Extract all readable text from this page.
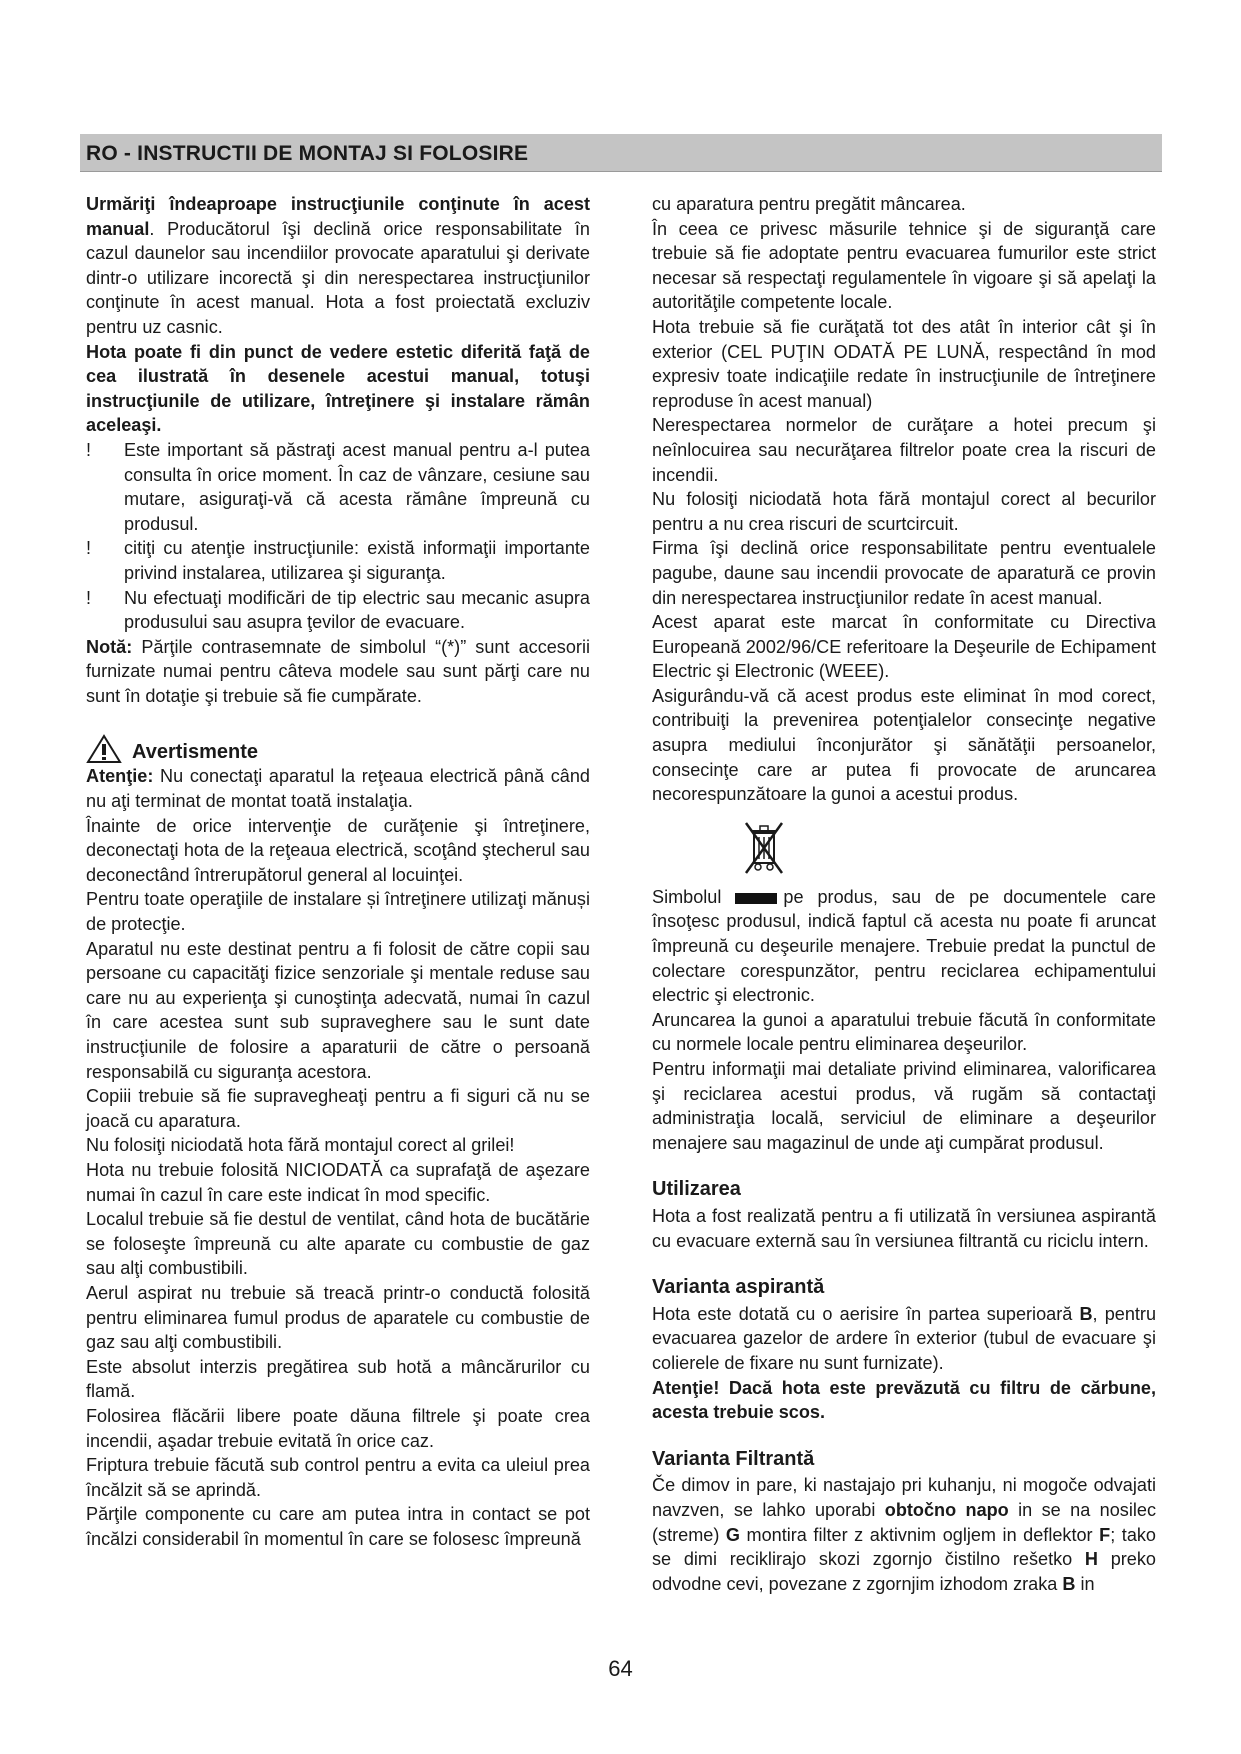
RO - INSTRUCTII DE MONTAJ SI FOLOSIRE

Urmăriţi îndeaproape instrucţiunile conţinute în acest manual. Producătorul îşi declină orice responsabilitate în cazul daunelor sau incendiilor provocate aparatului şi derivate dintr-o utilizare incorectă şi din nerespectarea instrucţiunilor conţinute în acest manual. Hota a fost proiectată excluziv pentru uz casnic.

Hota poate fi din punct de vedere estetic diferită faţă de cea ilustrată în desenele acestui manual, totuşi instrucţiunile de utilizare, întreţinere şi instalare rămân aceleaşi.

! Este important să păstraţi acest manual pentru a-l putea consulta în orice moment. În caz de vânzare, cesiune sau mutare, asiguraţi-vă că acesta rămâne împreună cu produsul.
! citiţi cu atenţie instrucţiunile: există informaţii importante privind instalarea, utilizarea şi siguranţa.
! Nu efectuaţi modificări de tip electric sau mecanic asupra produsului sau asupra ţevilor de evacuare.

Notă: Părţile contrasemnate de simbolul “(*)” sunt accesorii furnizate numai pentru câteva modele sau sunt părţi care nu sunt în dotaţie şi trebuie să fie cumpărate.

Avertismente

Atenţie: Nu conectaţi aparatul la reţeaua electrică până când nu aţi terminat de montat toată instalaţia.

Înainte de orice intervenţie de curăţenie şi întreţinere, deconectaţi hota de la reţeaua electrică, scoţând ştecherul sau deconectând întrerupătorul general al locuinţei.

Pentru toate operaţiile de instalare și întreţinere utilizaţi mănuși de protecţie.

Aparatul nu este destinat pentru a fi folosit de către copii sau persoane cu capacităţi fizice senzoriale şi mentale reduse sau care nu au experienţa şi cunoştinţa adecvată, numai în cazul în care acestea sunt sub supraveghere sau le sunt date instrucţiunile de folosire a aparaturii de către o persoană responsabilă cu siguranţa acestora.

Copiii trebuie să fie supravegheaţi pentru a fi siguri că nu se joacă cu aparatura.

Nu folosiţi niciodată hota fără montajul corect al grilei!

Hota nu trebuie folosită NICIODATĂ ca suprafaţă de aşezare numai în cazul în care este indicat în mod specific.

Localul trebuie să fie destul de ventilat, când hota de bucătărie se foloseşte împreună cu alte aparate cu combustie de gaz sau alţi combustibili.

Aerul aspirat nu trebuie să treacă printr-o conductă folosită pentru eliminarea fumul produs de aparatele cu combustie de gaz sau alţi combustibili.

Este absolut interzis pregătirea sub hotă a mâncărurilor cu flamă.

Folosirea flăcării libere poate dăuna filtrele şi poate crea incendii, aşadar trebuie evitată în orice caz.

Friptura trebuie făcută sub control pentru a evita ca uleiul prea încălzit să se aprindă.

Părţile componente cu care am putea intra in contact se pot încălzi considerabil în momentul în care se folosesc împreună

cu aparatura pentru pregătit mâncarea.

În ceea ce privesc măsurile tehnice şi de siguranţă care trebuie să fie adoptate pentru evacuarea fumurilor este strict necesar să respectaţi regulamentele în vigoare şi să apelaţi la autorităţile competente locale.

Hota trebuie să fie curăţată tot des atât în interior cât şi în exterior (CEL PUŢIN ODATĂ PE LUNĂ, respectând în mod expresiv toate indicaţiile redate în instrucţiunile de întreţinere reproduse în acest manual)

Nerespectarea normelor de curăţare a hotei precum şi neînlocuirea sau necurăţarea filtrelor poate crea la riscuri de incendii.

Nu folosiţi niciodată hota fără montajul corect al becurilor pentru a nu crea riscuri de scurtcircuit.

Firma îşi declină orice responsabilitate pentru eventualele pagube, daune sau incendii provocate de aparatură ce provin din nerespectarea instrucţiunilor redate în acest manual.

Acest aparat este marcat în conformitate cu Directiva Europeană 2002/96/CE referitoare la Deşeurile de Echipament Electric şi Electronic (WEEE).

Asigurându-vă că acest produs este eliminat în mod corect, contribuiţi la prevenirea potenţialelor consecinţe negative asupra mediului înconjurător şi sănătăţii persoanelor, consecinţe care ar putea fi provocate de aruncarea necorespunzătoare la gunoi a acestui produs.

Simbolul	pe produs, sau de pe documentele care însoţesc produsul, indică faptul că acesta nu poate fi aruncat împreună cu deşeurile menajere. Trebuie predat la punctul de colectare corespunzător, pentru reciclarea echipamentului electric şi electronic.

Aruncarea la gunoi a aparatului trebuie făcută în conformitate cu normele locale pentru eliminarea deşeurilor.

Pentru informaţii mai detaliate privind eliminarea, valorificarea şi reciclarea acestui produs, vă rugăm să contactaţi administraţia locală, serviciul de eliminare a deşeurilor menajere sau magazinul de unde aţi cumpărat produsul.

Utilizarea

Hota a fost realizată pentru a fi utilizată în versiunea aspirantă cu evacuare externă sau în versiunea filtrantă cu riciclu intern.

Varianta aspirantă

Hota este dotată cu o aerisire în partea superioară B, pentru evacuarea gazelor de ardere în exterior (tubul de evacuare şi colierele de fixare nu sunt furnizate).

Atenţie! Dacă hota este prevăzută cu filtru de cărbune, acesta trebuie scos.

Varianta Filtrantă

Če dimov in pare, ki nastajajo pri kuhanju, ni mogoče odvajati navzven, se lahko uporabi obtočno napo in se na nosilec (streme) G montira filter z aktivnim ogljem in deflektor F; tako se dimi reciklirajo skozi zgornjo čistilno rešetko H preko odvodne cevi, povezane z zgornjim izhodom zraka B in

64
